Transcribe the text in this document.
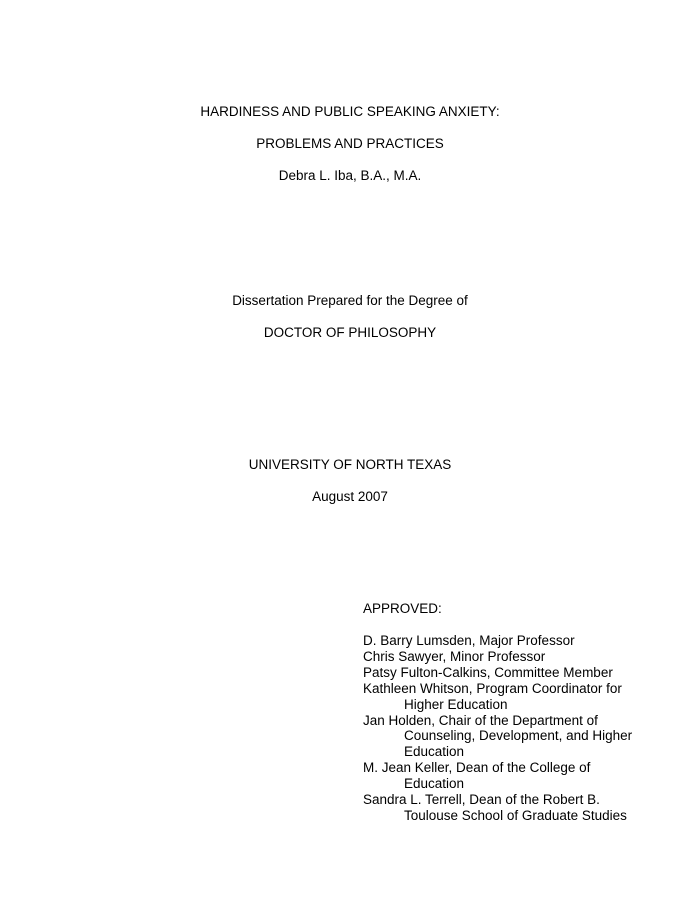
HARDINESS AND PUBLIC SPEAKING ANXIETY:
PROBLEMS AND PRACTICES
Debra L. Iba, B.A., M.A.
Dissertation Prepared for the Degree of
DOCTOR OF PHILOSOPHY
UNIVERSITY OF NORTH TEXAS
August 2007
APPROVED:
D. Barry Lumsden, Major Professor
Chris Sawyer, Minor Professor
Patsy Fulton-Calkins, Committee Member
Kathleen Whitson, Program Coordinator for
Higher Education
Jan Holden, Chair of the Department of
Counseling, Development, and Higher
Education
M. Jean Keller, Dean of the College of
Education
Sandra L. Terrell, Dean of the Robert B.
Toulouse School of Graduate Studies
